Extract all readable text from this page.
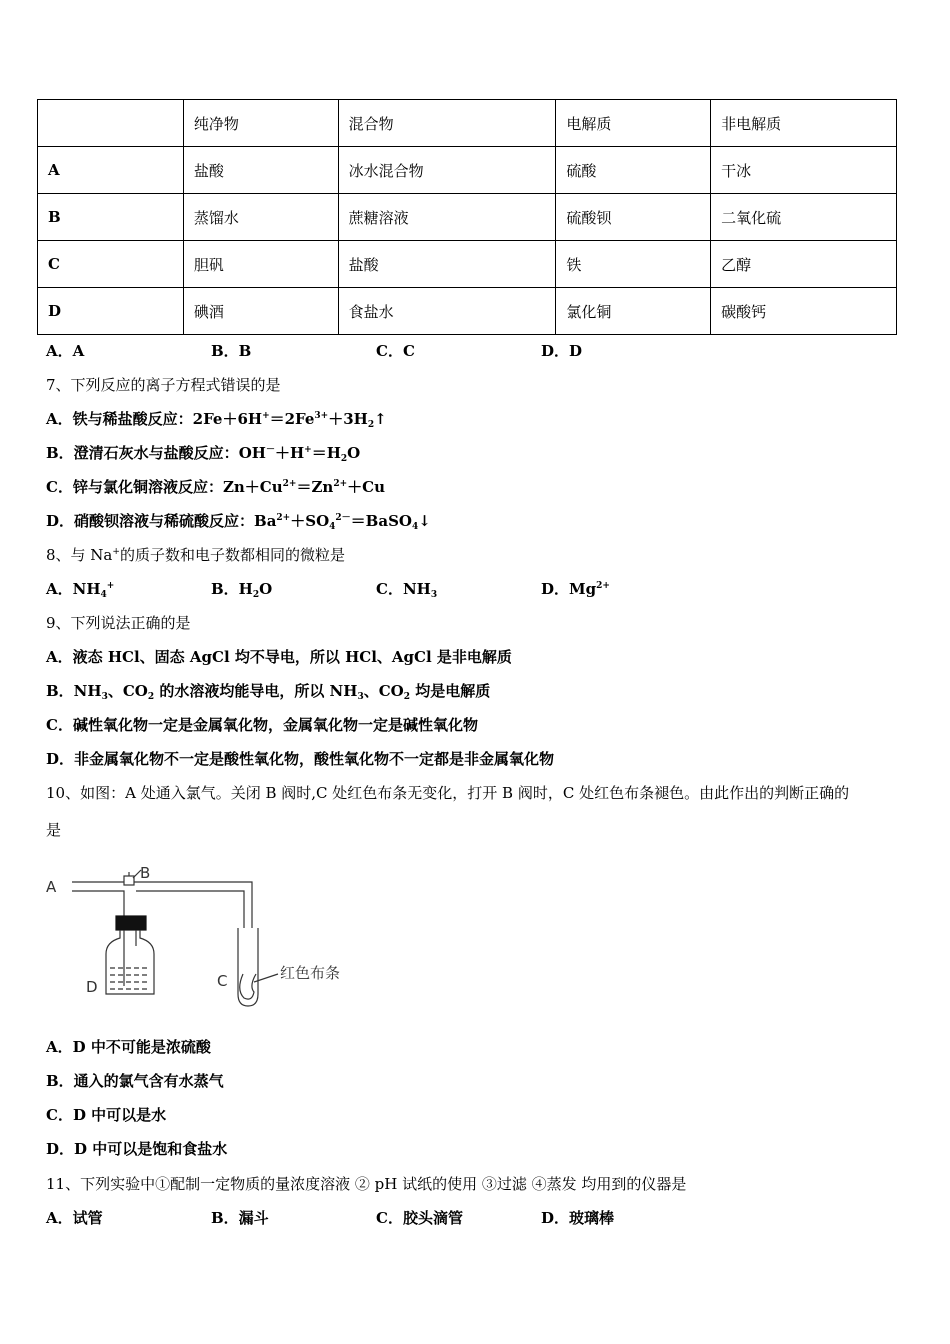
	纯净物	混合物	电解质	非电解质
A	盐酸	冰水混合物	硫酸	干冰
B	蒸馏水	蔗糖溶液	硫酸钡	二氧化硫
C	胆矾	盐酸	铁	乙醇
D	碘酒	食盐水	氯化铜	碳酸钙
A．A	B．B	C．C	D．D
7、下列反应的离子方程式错误的是
A．铁与稀盐酸反应：$2Fe+6H^+=2Fe^{3+}+3H_2↑$
B．澄清石灰水与盐酸反应：$OH^-+H^+=H_2O$
C．锌与氯化铜溶液反应：$Zn+Cu^{2+}=Zn^{2+}+Cu$
D．硝酸钡溶液与稀硫酸反应：$Ba^{2+}+SO_4^{2-}=BaSO_4↓$
8、与 Na+的质子数和电子数都相同的微粒是
A．$NH_4^+$	B．$H_2O$	C．$NH_3$	D．$Mg^{2+}$
9、下列说法正确的是
A．液态 HCl、固态 AgCl 均不导电，所以 HCl、AgCl 是非电解质
B．$NH_3$、$CO_2$ 的水溶液均能导电，所以 $NH_3$、$CO_2$ 均是电解质
C．碱性氧化物一定是金属氧化物，金属氧化物一定是碱性氧化物
D．非金属氧化物不一定是酸性氧化物，酸性氧化物不一定都是非金属氧化物
10、如图：A 处通入氯气。关闭 B 阀时,C 处红色布条无变化，打开 B 阀时，C 处红色布条褪色。由此作出的判断正确的
是
A
B
C
D
红色布条
A．D 中不可能是浓硫酸
B．通入的氯气含有水蒸气
C．D 中可以是水
D．D 中可以是饱和食盐水
11、下列实验中①配制一定物质的量浓度溶液 ② pH 试纸的使用 ③过滤 ④蒸发 均用到的仪器是
A．试管	B．漏斗	C．胶头滴管	D．玻璃棒
